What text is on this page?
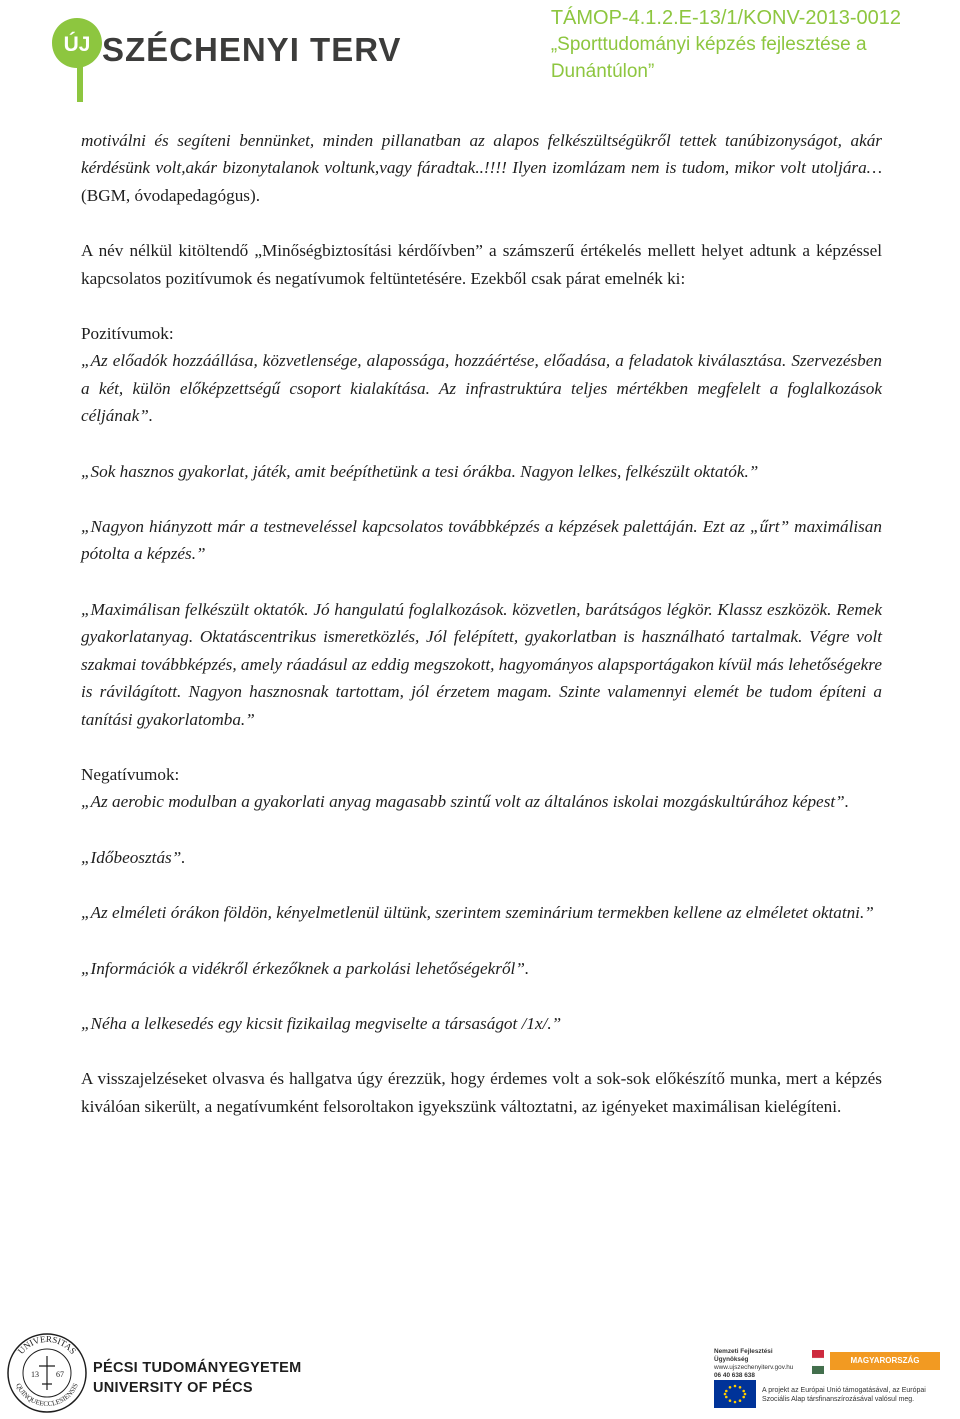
ÚJ SZÉCHENYI TERV
TÁMOP-4.1.2.E-13/1/KONV-2013-0012
„Sporttudományi képzés fejlesztése a
Dunántúlon”

motiválni és segíteni bennünket, minden pillanatban az alapos felkészültségükről tettek tanúbizonyságot, akár kérdésünk volt,akár bizonytalanok voltunk,vagy fáradtak..!!!! Ilyen izomlázam nem is tudom, mikor volt utoljára… (BGM, óvodapedagógus).

A név nélkül kitöltendő „Minőségbiztosítási kérdőívben” a számszerű értékelés mellett helyet adtunk a képzéssel kapcsolatos pozitívumok és negatívumok feltüntetésére. Ezekből csak párat emelnék ki:

Pozitívumok:

„Az előadók hozzáállása, közvetlensége, alapossága, hozzáértése, előadása, a feladatok kiválasztása. Szervezésben a két, külön előképzettségű csoport kialakítása. Az infrastruktúra teljes mértékben megfelelt a foglalkozások céljának”.

„Sok hasznos gyakorlat, játék, amit beépíthetünk a tesi órákba. Nagyon lelkes, felkészült oktatók.”

„Nagyon hiányzott már a testneveléssel kapcsolatos továbbképzés a képzések palettáján. Ezt az „űrt” maximálisan pótolta a képzés.”

„Maximálisan felkészült oktatók. Jó hangulatú foglalkozások. közvetlen, barátságos légkör. Klassz eszközök. Remek gyakorlatanyag. Oktatáscentrikus ismeretközlés, Jól felépített, gyakorlatban is használható tartalmak. Végre volt szakmai továbbképzés, amely ráadásul az eddig megszokott, hagyományos alapsportágakon kívül más lehetőségekre is rávilágított. Nagyon hasznosnak tartottam, jól érzetem magam. Szinte valamennyi elemét be tudom építeni a tanítási gyakorlatomba.”

Negatívumok:

„Az aerobic modulban a gyakorlati anyag magasabb szintű volt az általános iskolai mozgáskultúrához képest”.

„Időbeosztás”.

„Az elméleti órákon földön, kényelmetlenül ültünk, szerintem szeminárium termekben kellene az elméletet oktatni.”

„Információk a vidékről érkezőknek a parkolási lehetőségekről”.

„Néha a lelkesedés egy kicsit fizikailag megviselte a társaságot /1x/.”

A visszajelzéseket olvasva és hallgatva úgy érezzük, hogy érdemes volt a sok-sok előkészítő munka, mert a képzés kiválóan sikerült, a negatívumként felsoroltakon igyekszünk változtatni, az igényeket maximálisan kielégíteni.

UNIVERSITAS
QUINQUEECCLESIENSIS
13 67 PÉCSI TUDOMÁNYEGYETEM
UNIVERSITY OF PÉCS
Nemzeti Fejlesztési Ügynökség
www.ujszechenyiterv.gov.hu
06 40 638 638
MAGYARORSZÁG MEGÚJUL
A projekt az Európai Unió támogatásával, az Európai Szociális Alap társfinanszírozásával valósul meg.
